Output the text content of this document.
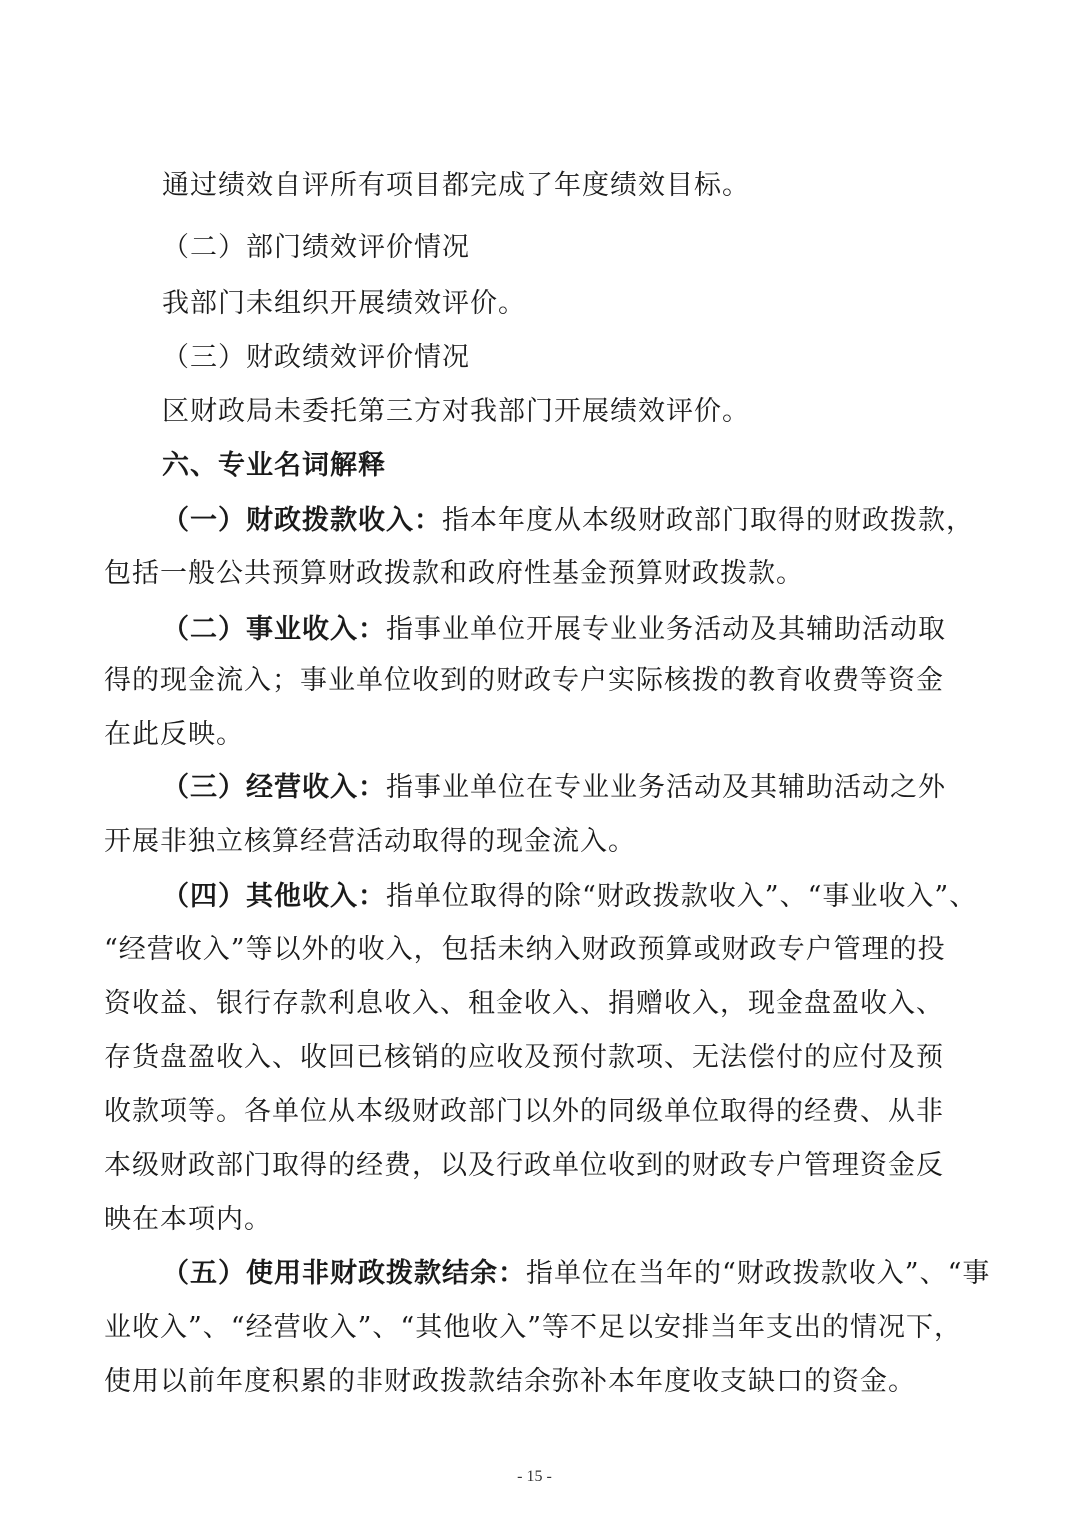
通过绩效自评所有项目都完成了年度绩效目标。
（二）部门绩效评价情况
我部门未组织开展绩效评价。
（三）财政绩效评价情况
区财政局未委托第三方对我部门开展绩效评价。
六、专业名词解释
（一）财政拨款收入：指本年度从本级财政部门取得的财政拨款，
包括一般公共预算财政拨款和政府性基金预算财政拨款。
（二）事业收入：指事业单位开展专业业务活动及其辅助活动取
得的现金流入；事业单位收到的财政专户实际核拨的教育收费等资金
在此反映。
（三）经营收入：指事业单位在专业业务活动及其辅助活动之外
开展非独立核算经营活动取得的现金流入。
（四）其他收入：指单位取得的除“财政拨款收入”、“事业收入”、
“经营收入”等以外的收入，包括未纳入财政预算或财政专户管理的投
资收益、银行存款利息收入、租金收入、捐赠收入，现金盘盈收入、
存货盘盈收入、收回已核销的应收及预付款项、无法偿付的应付及预
收款项等。各单位从本级财政部门以外的同级单位取得的经费、从非
本级财政部门取得的经费，以及行政单位收到的财政专户管理资金反
映在本项内。
（五）使用非财政拨款结余：指单位在当年的“财政拨款收入”、“事
业收入”、“经营收入”、“其他收入”等不足以安排当年支出的情况下，
使用以前年度积累的非财政拨款结余弥补本年度收支缺口的资金。
- 15 -
